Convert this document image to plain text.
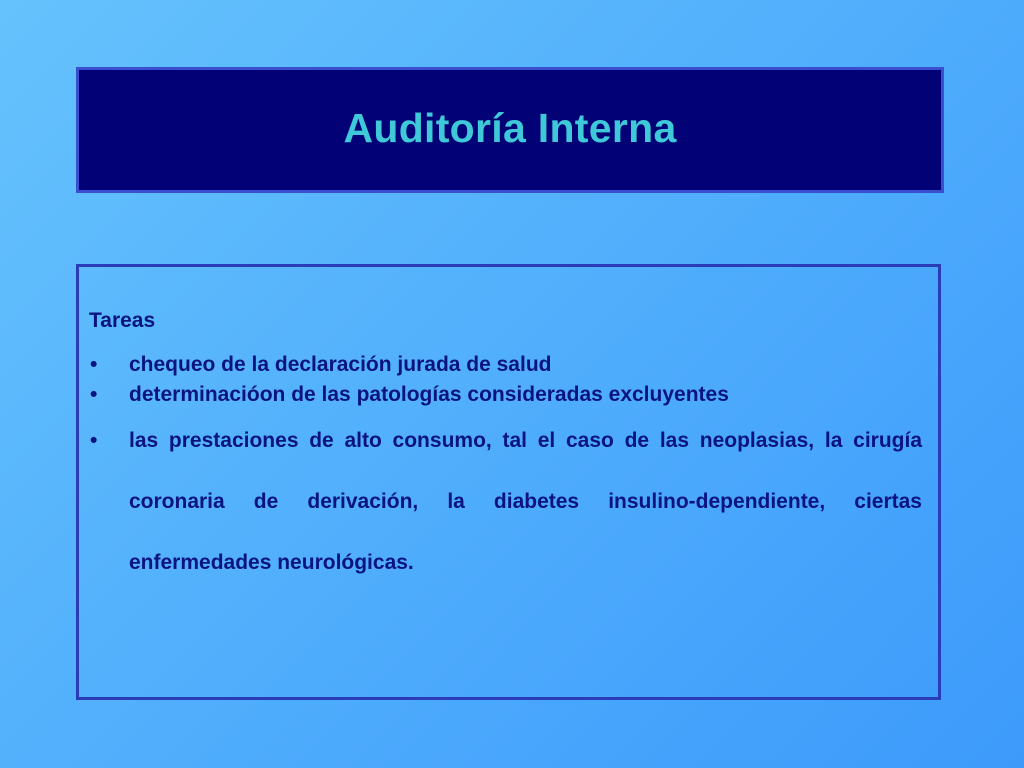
Auditoría Interna
Tareas
• chequeo de la declaración jurada de salud
• determinacióon de las patologías consideradas excluyentes
• las prestaciones de alto consumo, tal el caso de las neoplasias, la cirugía coronaria de derivación, la diabetes insulino-dependiente, ciertas enfermedades neurológicas.
